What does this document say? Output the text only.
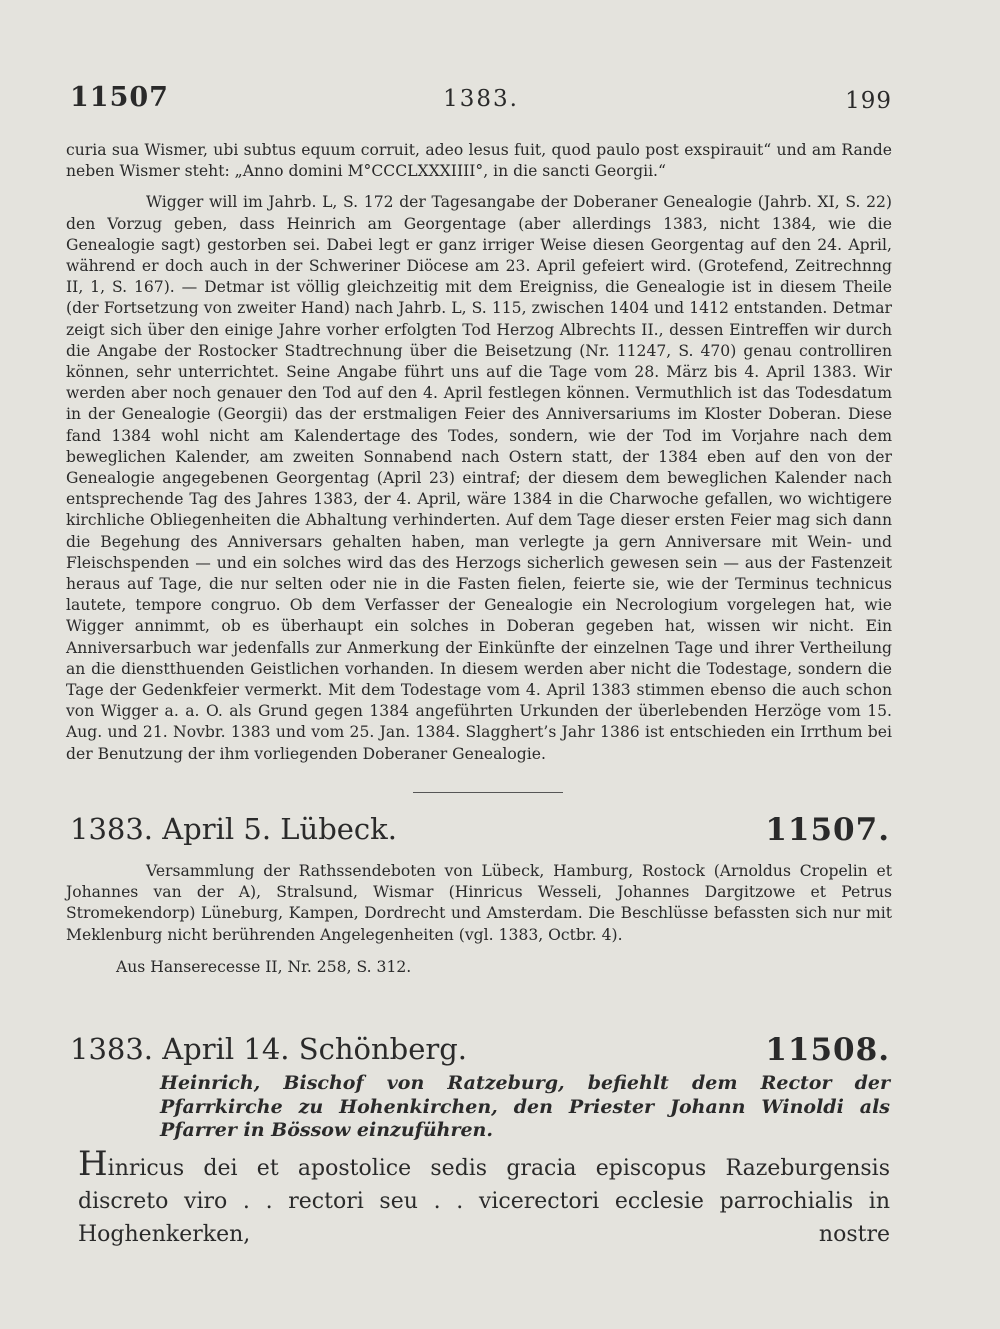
11507	1383.	199

curia sua Wismer, ubi subtus equum corruit, adeo lesus fuit, quod paulo post exspirauit“ und am Rande neben Wismer steht: „Anno domini M°CCCLXXXIIII°, in die sancti Georgii.“

Wigger will im Jahrb. L, S. 172 der Tagesangabe der Doberaner Genealogie (Jahrb. XI, S. 22) den Vorzug geben, dass Heinrich am Georgentage (aber allerdings 1383, nicht 1384, wie die Genealogie sagt) gestorben sei. Dabei legt er ganz irriger Weise diesen Georgentag auf den 24. April, während er doch auch in der Schweriner Diöcese am 23. April gefeiert wird. (Grotefend, Zeitrechnng II, 1, S. 167). — Detmar ist völlig gleichzeitig mit dem Ereigniss, die Genealogie ist in diesem Theile (der Fortsetzung von zweiter Hand) nach Jahrb. L, S. 115, zwischen 1404 und 1412 entstanden. Detmar zeigt sich über den einige Jahre vorher erfolgten Tod Herzog Albrechts II., dessen Eintreffen wir durch die Angabe der Rostocker Stadtrechnung über die Beisetzung (Nr. 11247, S. 470) genau controlliren können, sehr unterrichtet. Seine Angabe führt uns auf die Tage vom 28. März bis 4. April 1383. Wir werden aber noch genauer den Tod auf den 4. April festlegen können. Vermuthlich ist das Todesdatum in der Genealogie (Georgii) das der erstmaligen Feier des Anniversariums im Kloster Doberan. Diese fand 1384 wohl nicht am Kalendertage des Todes, sondern, wie der Tod im Vorjahre nach dem beweglichen Kalender, am zweiten Sonnabend nach Ostern statt, der 1384 eben auf den von der Genealogie angegebenen Georgentag (April 23) eintraf; der diesem dem beweglichen Kalender nach entsprechende Tag des Jahres 1383, der 4. April, wäre 1384 in die Charwoche gefallen, wo wichtigere kirchliche Obliegenheiten die Abhaltung verhinderten. Auf dem Tage dieser ersten Feier mag sich dann die Begehung des Anniversars gehalten haben, man verlegte ja gern Anniversare mit Wein- und Fleischspenden — und ein solches wird das des Herzogs sicherlich gewesen sein — aus der Fastenzeit heraus auf Tage, die nur selten oder nie in die Fasten fielen, feierte sie, wie der Terminus technicus lautete, tempore congruo. Ob dem Verfasser der Genealogie ein Necrologium vorgelegen hat, wie Wigger annimmt, ob es überhaupt ein solches in Doberan gegeben hat, wissen wir nicht. Ein Anniversarbuch war jedenfalls zur Anmerkung der Einkünfte der einzelnen Tage und ihrer Vertheilung an die dienstthuenden Geistlichen vorhanden. In diesem werden aber nicht die Todestage, sondern die Tage der Gedenkfeier vermerkt. Mit dem Todestage vom 4. April 1383 stimmen ebenso die auch schon von Wigger a. a. O. als Grund gegen 1384 angeführten Urkunden der überlebenden Herzöge vom 15. Aug. und 21. Novbr. 1383 und vom 25. Jan. 1384. Slagghert’s Jahr 1386 ist entschieden ein Irrthum bei der Benutzung der ihm vorliegenden Doberaner Genealogie.

1383. April 5. Lübeck.	11507.

Versammlung der Rathssendeboten von Lübeck, Hamburg, Rostock (Arnoldus Cropelin et Johannes van der A), Stralsund, Wismar (Hinricus Wesseli, Johannes Dargitzowe et Petrus Stromekendorp) Lüneburg, Kampen, Dordrecht und Amsterdam. Die Beschlüsse befassten sich nur mit Meklenburg nicht berührenden Angelegenheiten (vgl. 1383, Octbr. 4).

Aus Hanserecesse II, Nr. 258, S. 312.
1383. April 14. Schönberg.	11508.
Heinrich, Bischof von Ratzeburg, befiehlt dem Rector der Pfarrkirche zu Hohenkirchen, den Priester Johann Winoldi als Pfarrer in Bössow einzuführen.
Hinricus dei et apostolice sedis gracia episcopus Razeburgensis discreto viro . . rectori seu . . vicerectori ecclesie parrochialis in Hoghenkerken, nostre
